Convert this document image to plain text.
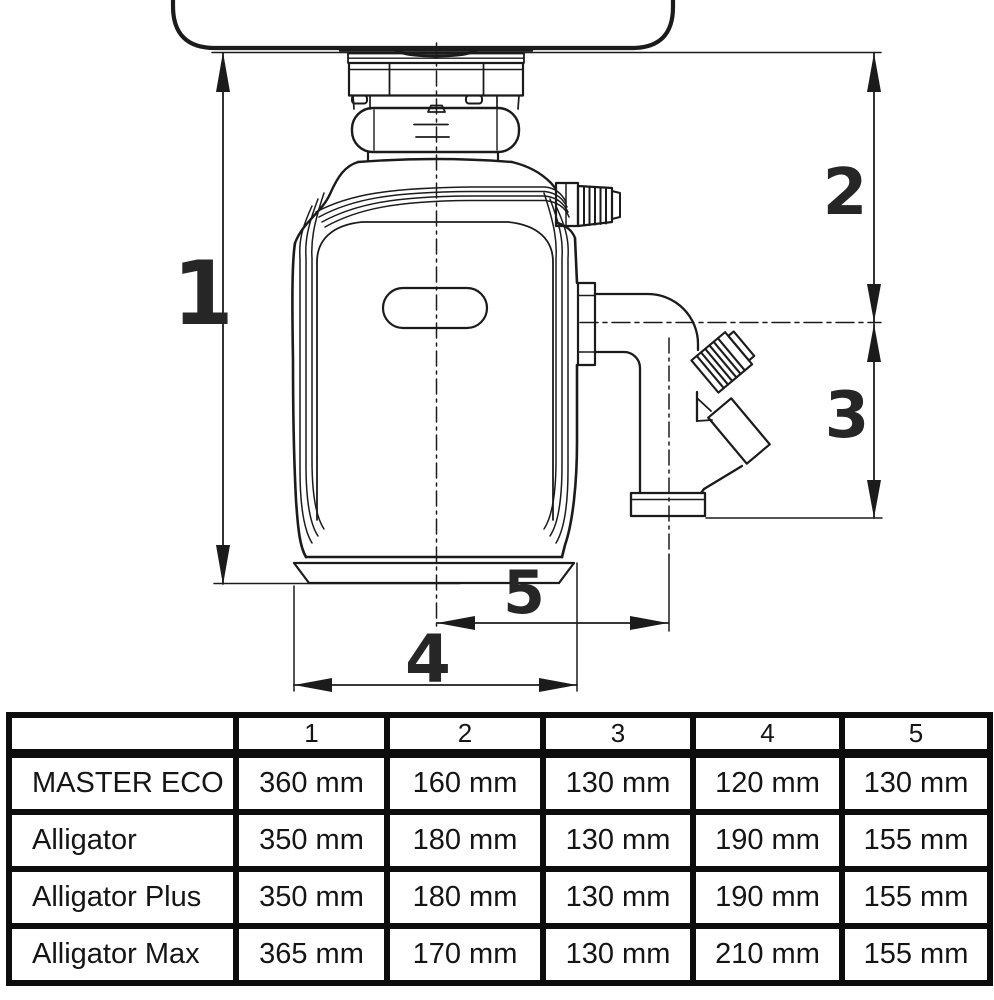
1
2
3
5
4
	1	2	3	4	5
MASTER ECO	360 mm	160 mm	130 mm	120 mm	130 mm
Alligator	350 mm	180 mm	130 mm	190 mm	155 mm
Alligator Plus	350 mm	180 mm	130 mm	190 mm	155 mm
Alligator Max	365 mm	170 mm	130 mm	210 mm	155 mm
